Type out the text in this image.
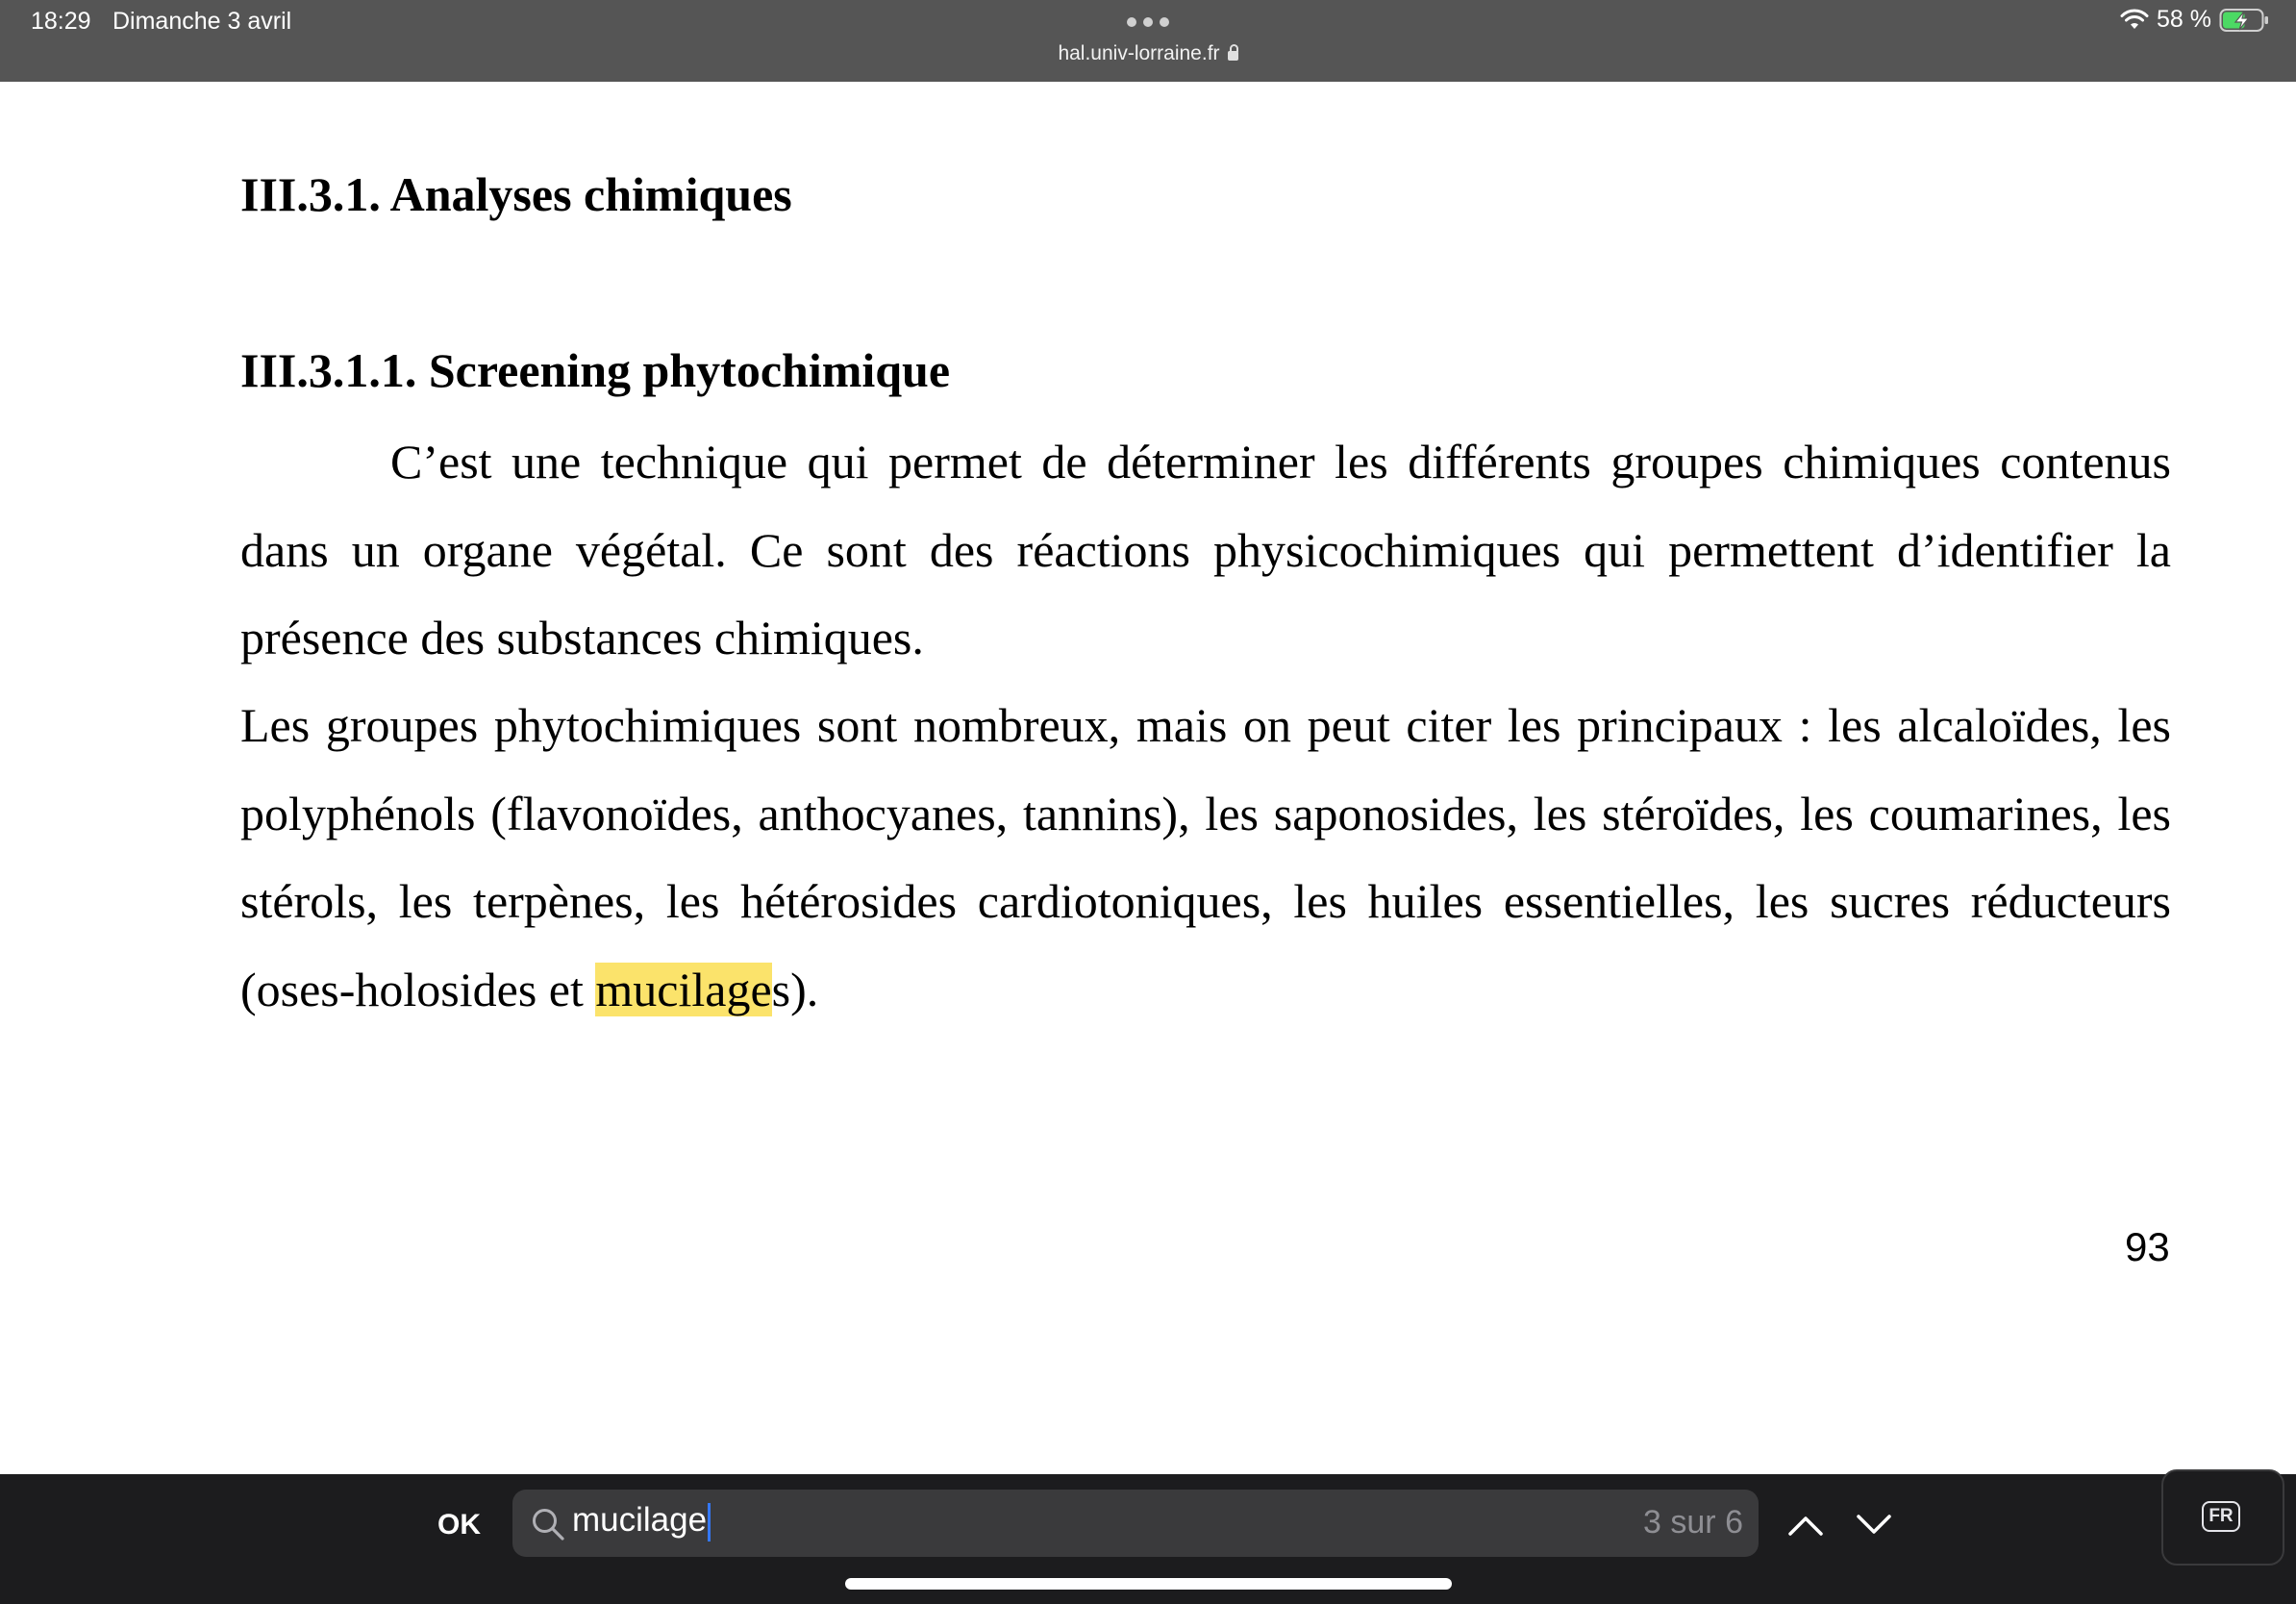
18:29 Dimanche 3 avril
hal.univ-lorraine.fr
58 %
III.3.1. Analyses chimiques
III.3.1.1. Screening phytochimique

C’est une technique qui permet de déterminer les différents groupes chimiques contenus dans un organe végétal. Ce sont des réactions physicochimiques qui permettent d’identifier la présence des substances chimiques.

Les groupes phytochimiques sont nombreux, mais on peut citer les principaux : les alcaloïdes, les polyphénols (flavonoïdes, anthocyanes, tannins), les saponosides, les stéroïdes, les coumarines, les stérols, les terpènes, les hétérosides cardiotoniques, les huiles essentielles, les sucres réducteurs (oses-holosides et mucilages).

93
OK	mucilage	3 sur 6	FR
